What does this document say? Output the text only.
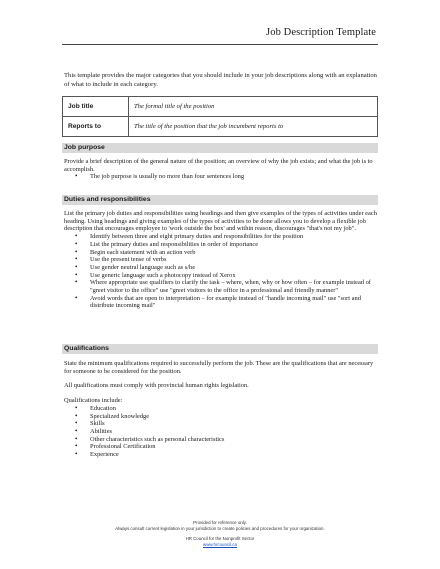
Job Description Template
This template provides the major categories that you should include in your job descriptions along with an explanation of what to include in each category.
Job title	The formal title of the position
Reports to	The title of the position that the job incumbent reports to
Job purpose

Provide a brief description of the general nature of the position; an overview of why the job exists; and what the job is to accomplish.

• The job purpose is usually no more than four sentences long
Duties and responsibilities

List the primary job duties and responsibilities using headings and then give examples of the types of activities under each heading. Using headings and giving examples of the types of activities to be done allows you to develop a flexible job description that encourages employee to 'work outside the box' and within reason, discourages "that's not my job".

• Identify between three and eight primary duties and responsibilities for the position
• List the primary duties and responsibilities in order of importance
• Begin each statement with an action verb
• Use the present tense of verbs
• Use gender neutral language such as s/he
• Use generic language such a photocopy instead of Xerox
• Where appropriate use qualifiers to clarify the task – where, when, why or how often – for example instead of "greet visitor to the office" use "greet visitors to the office in a professional and friendly manner"
• Avoid words that are open to interpretation – for example instead of "handle incoming mail" use "sort and distribute incoming mail"
Qualifications

State the minimum qualifications required to successfully perform the job. These are the qualifications that are necessary for someone to be considered for the position.

All qualifications must comply with provincial human rights legislation.

Qualifications include:

• Education
• Specialized knowledge
• Skills
• Abilities
• Other characteristics such as personal characteristics
• Professional Certification
• Experience
Provided for reference only.
Always consult current legislation in your jurisdiction to create policies and procedures for your organization.
HR Council for the Nonprofit Sector
www.hrcouncil.ca
